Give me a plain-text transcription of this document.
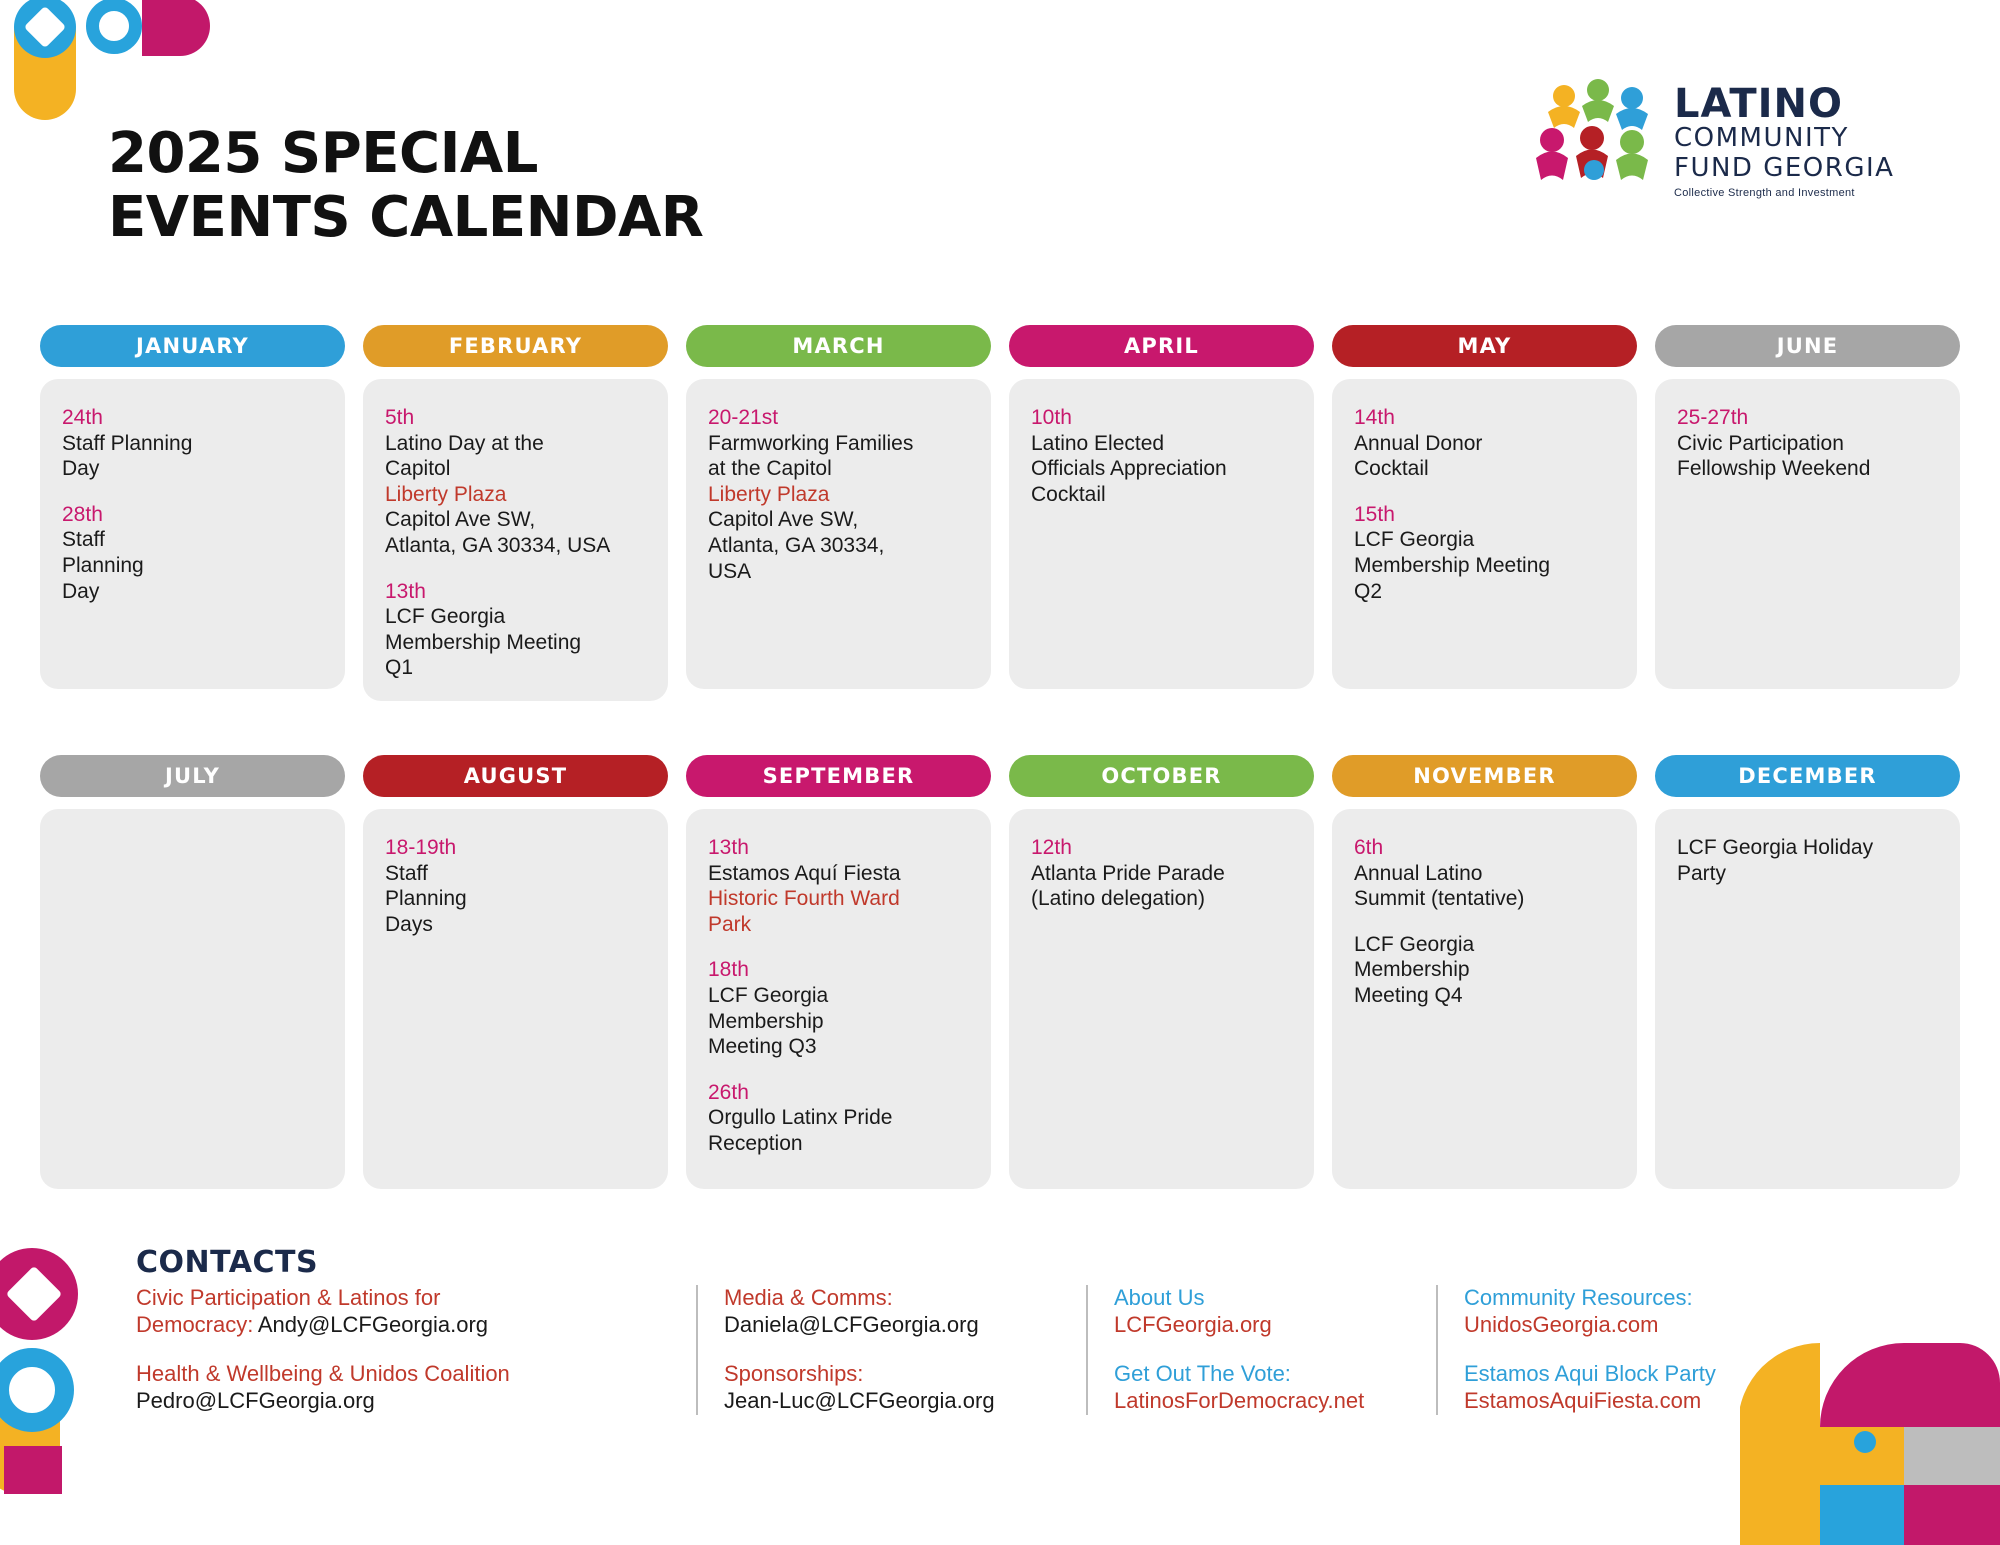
2025 SPECIAL
EVENTS CALENDAR
LATINO
COMMUNITY
FUND GEORGIA
Collective Strength and Investment
JANUARY
24th
Staff Planning
Day
28th
Staff
Planning
Day
FEBRUARY
5th
Latino Day at the
Capitol
Liberty Plaza
Capitol Ave SW,
Atlanta, GA 30334, USA
13th
LCF Georgia
Membership Meeting
Q1
MARCH
20-21st
Farmworking Families
at the Capitol
Liberty Plaza
Capitol Ave SW,
Atlanta, GA 30334,
USA
APRIL
10th
Latino Elected
Officials Appreciation
Cocktail
MAY
14th
Annual Donor
Cocktail
15th
LCF Georgia
Membership Meeting
Q2
JUNE
25-27th
Civic Participation
Fellowship Weekend
JULY	AUGUST
18-19th
Staff
Planning
Days
SEPTEMBER
13th
Estamos Aquí Fiesta
Historic Fourth Ward
Park
18th
LCF Georgia
Membership
Meeting Q3
26th
Orgullo Latinx Pride
Reception
OCTOBER
12th
Atlanta Pride Parade
(Latino delegation)
NOVEMBER
6th
Annual Latino
Summit (tentative)
LCF Georgia
Membership
Meeting Q4
DECEMBER
LCF Georgia Holiday
Party
CONTACTS
Civic Participation & Latinos for
Democracy: Andy@LCFGeorgia.org
Health & Wellbeing & Unidos Coalition
Pedro@LCFGeorgia.org
Media & Comms:
Daniela@LCFGeorgia.org
Sponsorships:
Jean-Luc@LCFGeorgia.org
About Us
LCFGeorgia.org
Get Out The Vote:
LatinosForDemocracy.net
Community Resources:
UnidosGeorgia.com
Estamos Aqui Block Party
EstamosAquiFiesta.com
